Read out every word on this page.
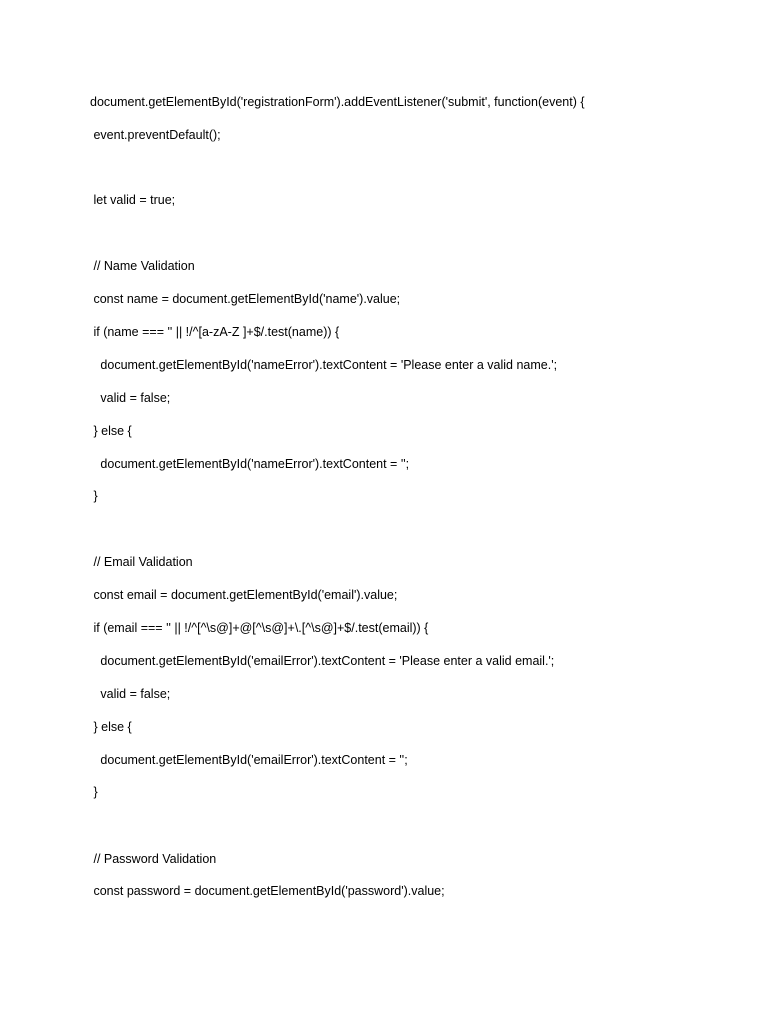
document.getElementById('registrationForm').addEventListener('submit', function(event) {
event.preventDefault();
let valid = true;
// Name Validation
const name = document.getElementById('name').value;
if (name === '' || !/^[a-zA-Z ]+$/.test(name)) {
document.getElementById('nameError').textContent = 'Please enter a valid name.';
valid = false;
} else {
document.getElementById('nameError').textContent = '';
}
// Email Validation
const email = document.getElementById('email').value;
if (email === '' || !/^[^\s@]+@[^\s@]+\.[^\s@]+$/.test(email)) {
document.getElementById('emailError').textContent = 'Please enter a valid email.';
valid = false;
} else {
document.getElementById('emailError').textContent = '';
}
// Password Validation
const password = document.getElementById('password').value;
